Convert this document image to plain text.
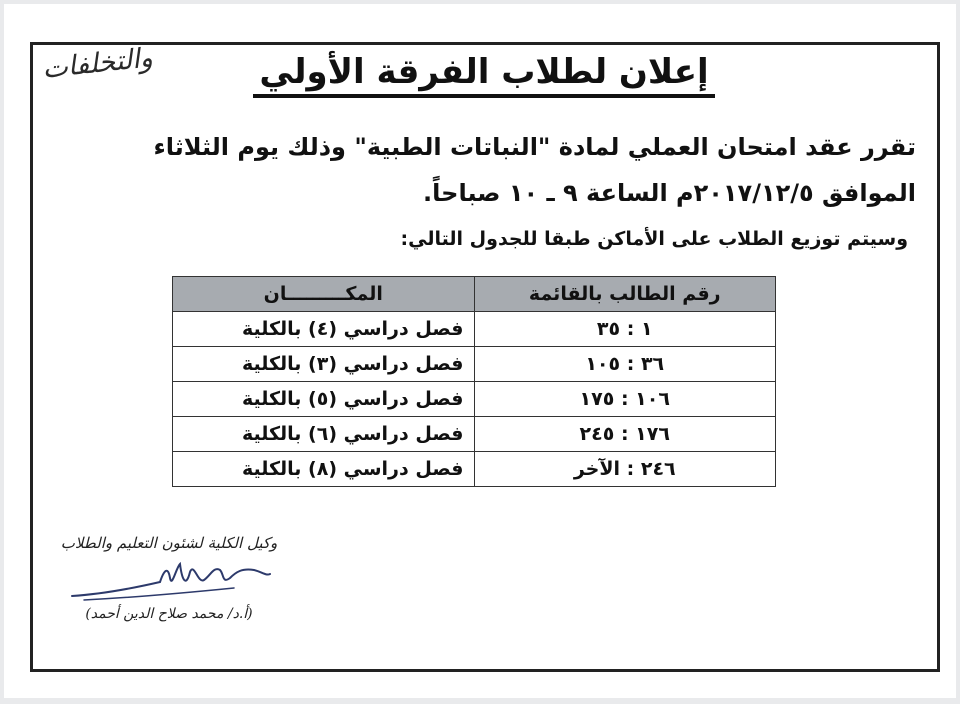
والتخلفات	إعلان لطلاب الفرقة الأولي
تقرر عقد امتحان العملي لمادة "النباتات الطبية" وذلك يوم الثلاثاء الموافق ٢٠١٧/١٢/٥م الساعة ٩ ـ ١٠ صباحاً.
وسيتم توزيع الطلاب على الأماكن طبقا للجدول التالي:
رقم الطالب بالقائمة	المكـــــــــان
١ : ٣٥	فصل دراسي (٤) بالكلية
٣٦ : ١٠٥	فصل دراسي (٣) بالكلية
١٠٦ : ١٧٥	فصل دراسي (٥) بالكلية
١٧٦ : ٢٤٥	فصل دراسي (٦) بالكلية
٢٤٦ : الآخر	فصل دراسي (٨) بالكلية
وكيل الكلية لشئون التعليم والطلاب
(أ.د/ محمد صلاح الدين أحمد)
